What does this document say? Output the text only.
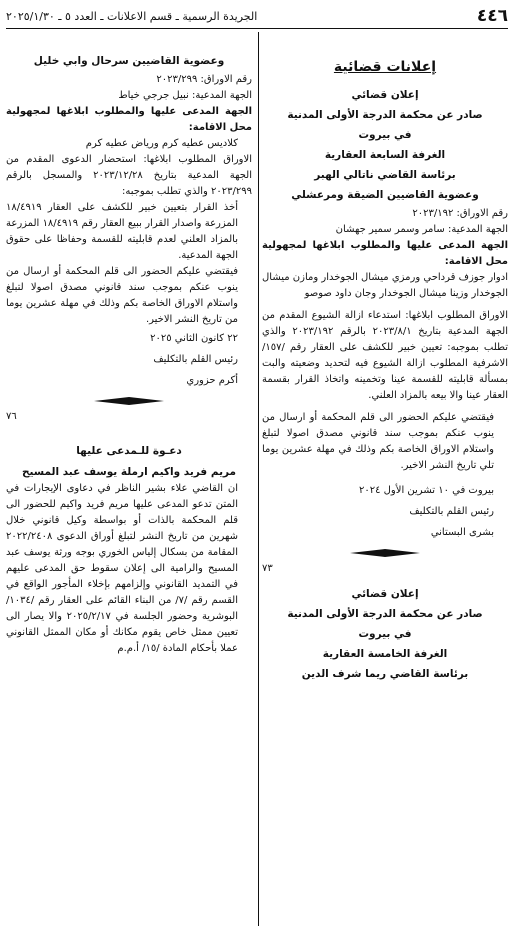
٤٤٦
الجريدة الرسمية ـ قسم الاعلانات ـ العدد ٥ ـ ٢٠٢٥/١/٣٠
إعلانات قضائية

إعلان قضائي

صادر عن محكمة الدرجة الأولى المدنية

في بيروت

الغرفة السابعة العقارية

برئاسة القاضي ناتالي الهبر

وعضوية القاضيين الضيقة ومرعشلي

رقم الاوراق: ٢٠٢٣/١٩٢

الجهة المدعية: سامر وسمر سمير جهشان

الجهة المدعى عليها والمطلوب ابلاغها لمجهولية محل الاقامة:

ادوار جوزف قرداحي ورمزي ميشال الجوخدار ومازن ميشال الجوخدار وزينا ميشال الجوخدار وجان داود صوصو

الاوراق المطلوب ابلاغها: استدعاء ازالة الشيوع المقدم من الجهة المدعية بتاريخ ٢٠٢٣/٨/١ بالرقم ٢٠٢٣/١٩٢ والذي تطلب بموجبه: تعيين خبير للكشف على العقار رقم /١٥٧/ الاشرفية المطلوب ازالة الشيوع فيه لتحديد وضعيته والبت بمسألة قابليته للقسمة عينا وتخمينه واتخاذ القرار بقسمة العقار عينا والا بيعه بالمزاد العلني.

فيقتضي عليكم الحضور الى قلم المحكمة أو ارسال من ينوب عنكم بموجب سند قانوني مصدق اصولا لتبلغ واستلام الاوراق الخاصة بكم وذلك في مهلة عشرين يوما تلي تاريخ النشر الاخير.

بيروت في ١٠ تشرين الأول ٢٠٢٤

رئيس القلم بالتكليف

بشرى البستاني

٧٣

إعلان قضائي

صادر عن محكمة الدرجة الأولى المدنية

في بيروت

الغرفة الخامسة العقارية

برئاسة القاضي ريما شرف الدين

وعضوية القاضيين سرحال وابي خليل

رقم الاوراق: ٢٠٢٣/٢٩٩

الجهة المدعية: نبيل جرجي خياط

الجهة المدعى عليها والمطلوب ابلاغها لمجهولية محل الاقامة:

كلاديس عطيه كرم ورياض عطيه كرم

الاوراق المطلوب ابلاغها: استحضار الدعوى المقدم من الجهة المدعية بتاريخ ٢٠٢٣/١٢/٢٨ والمسجل بالرقم ٢٠٢٣/٢٩٩ والذي تطلب بموجبه:

أخذ القرار بتعيين خبير للكشف على العقار ١٨/٤٩١٩ المزرعة واصدار القرار ببيع العقار رقم ١٨/٤٩١٩ المزرعة بالمزاد العلني لعدم قابليته للقسمة وحفاظا على حقوق الجهة المدعية.

فيقتضي عليكم الحضور الى قلم المحكمة أو ارسال من ينوب عنكم بموجب سند قانوني مصدق اصولا لتبلغ واستلام الاوراق الخاصة بكم وذلك في مهلة عشرين يوما من تاريخ النشر الاخير.

٢٢ كانون الثاني ٢٠٢٥

رئيس القلم بالتكليف

أكرم حزوري

٧٦

دعـوة للـمدعى عليها

مريم فريد واكيم ارملة يوسف عبد المسيح

ان القاضي علاء بشير الناظر في دعاوى الإيجارات في المتن تدعو المدعى عليها مريم فريد واكيم للحضور الى قلم المحكمة بالذات أو بواسطة وكيل قانوني خلال شهرين من تاريخ النشر لتبلغ أوراق الدعوى ٢٠٢٢/٢٤٠٨ المقامة من بسكال إلياس الخوري بوجه ورثة يوسف عبد المسيح والرامية الى إعلان سقوط حق المدعى عليهم في التمديد القانوني وإلزامهم بإخلاء المأجور الواقع في القسم رقم /٧/ من البناء القائم على العقار رقم /١٠٣٤/ البوشرية وحضور الجلسة في ٢٠٢٥/٢/١٧ والا يصار الى تعيين ممثل خاص يقوم مكانك أو مكان الممثل القانوني عملا بأحكام المادة /١٥/ أ.م.م
